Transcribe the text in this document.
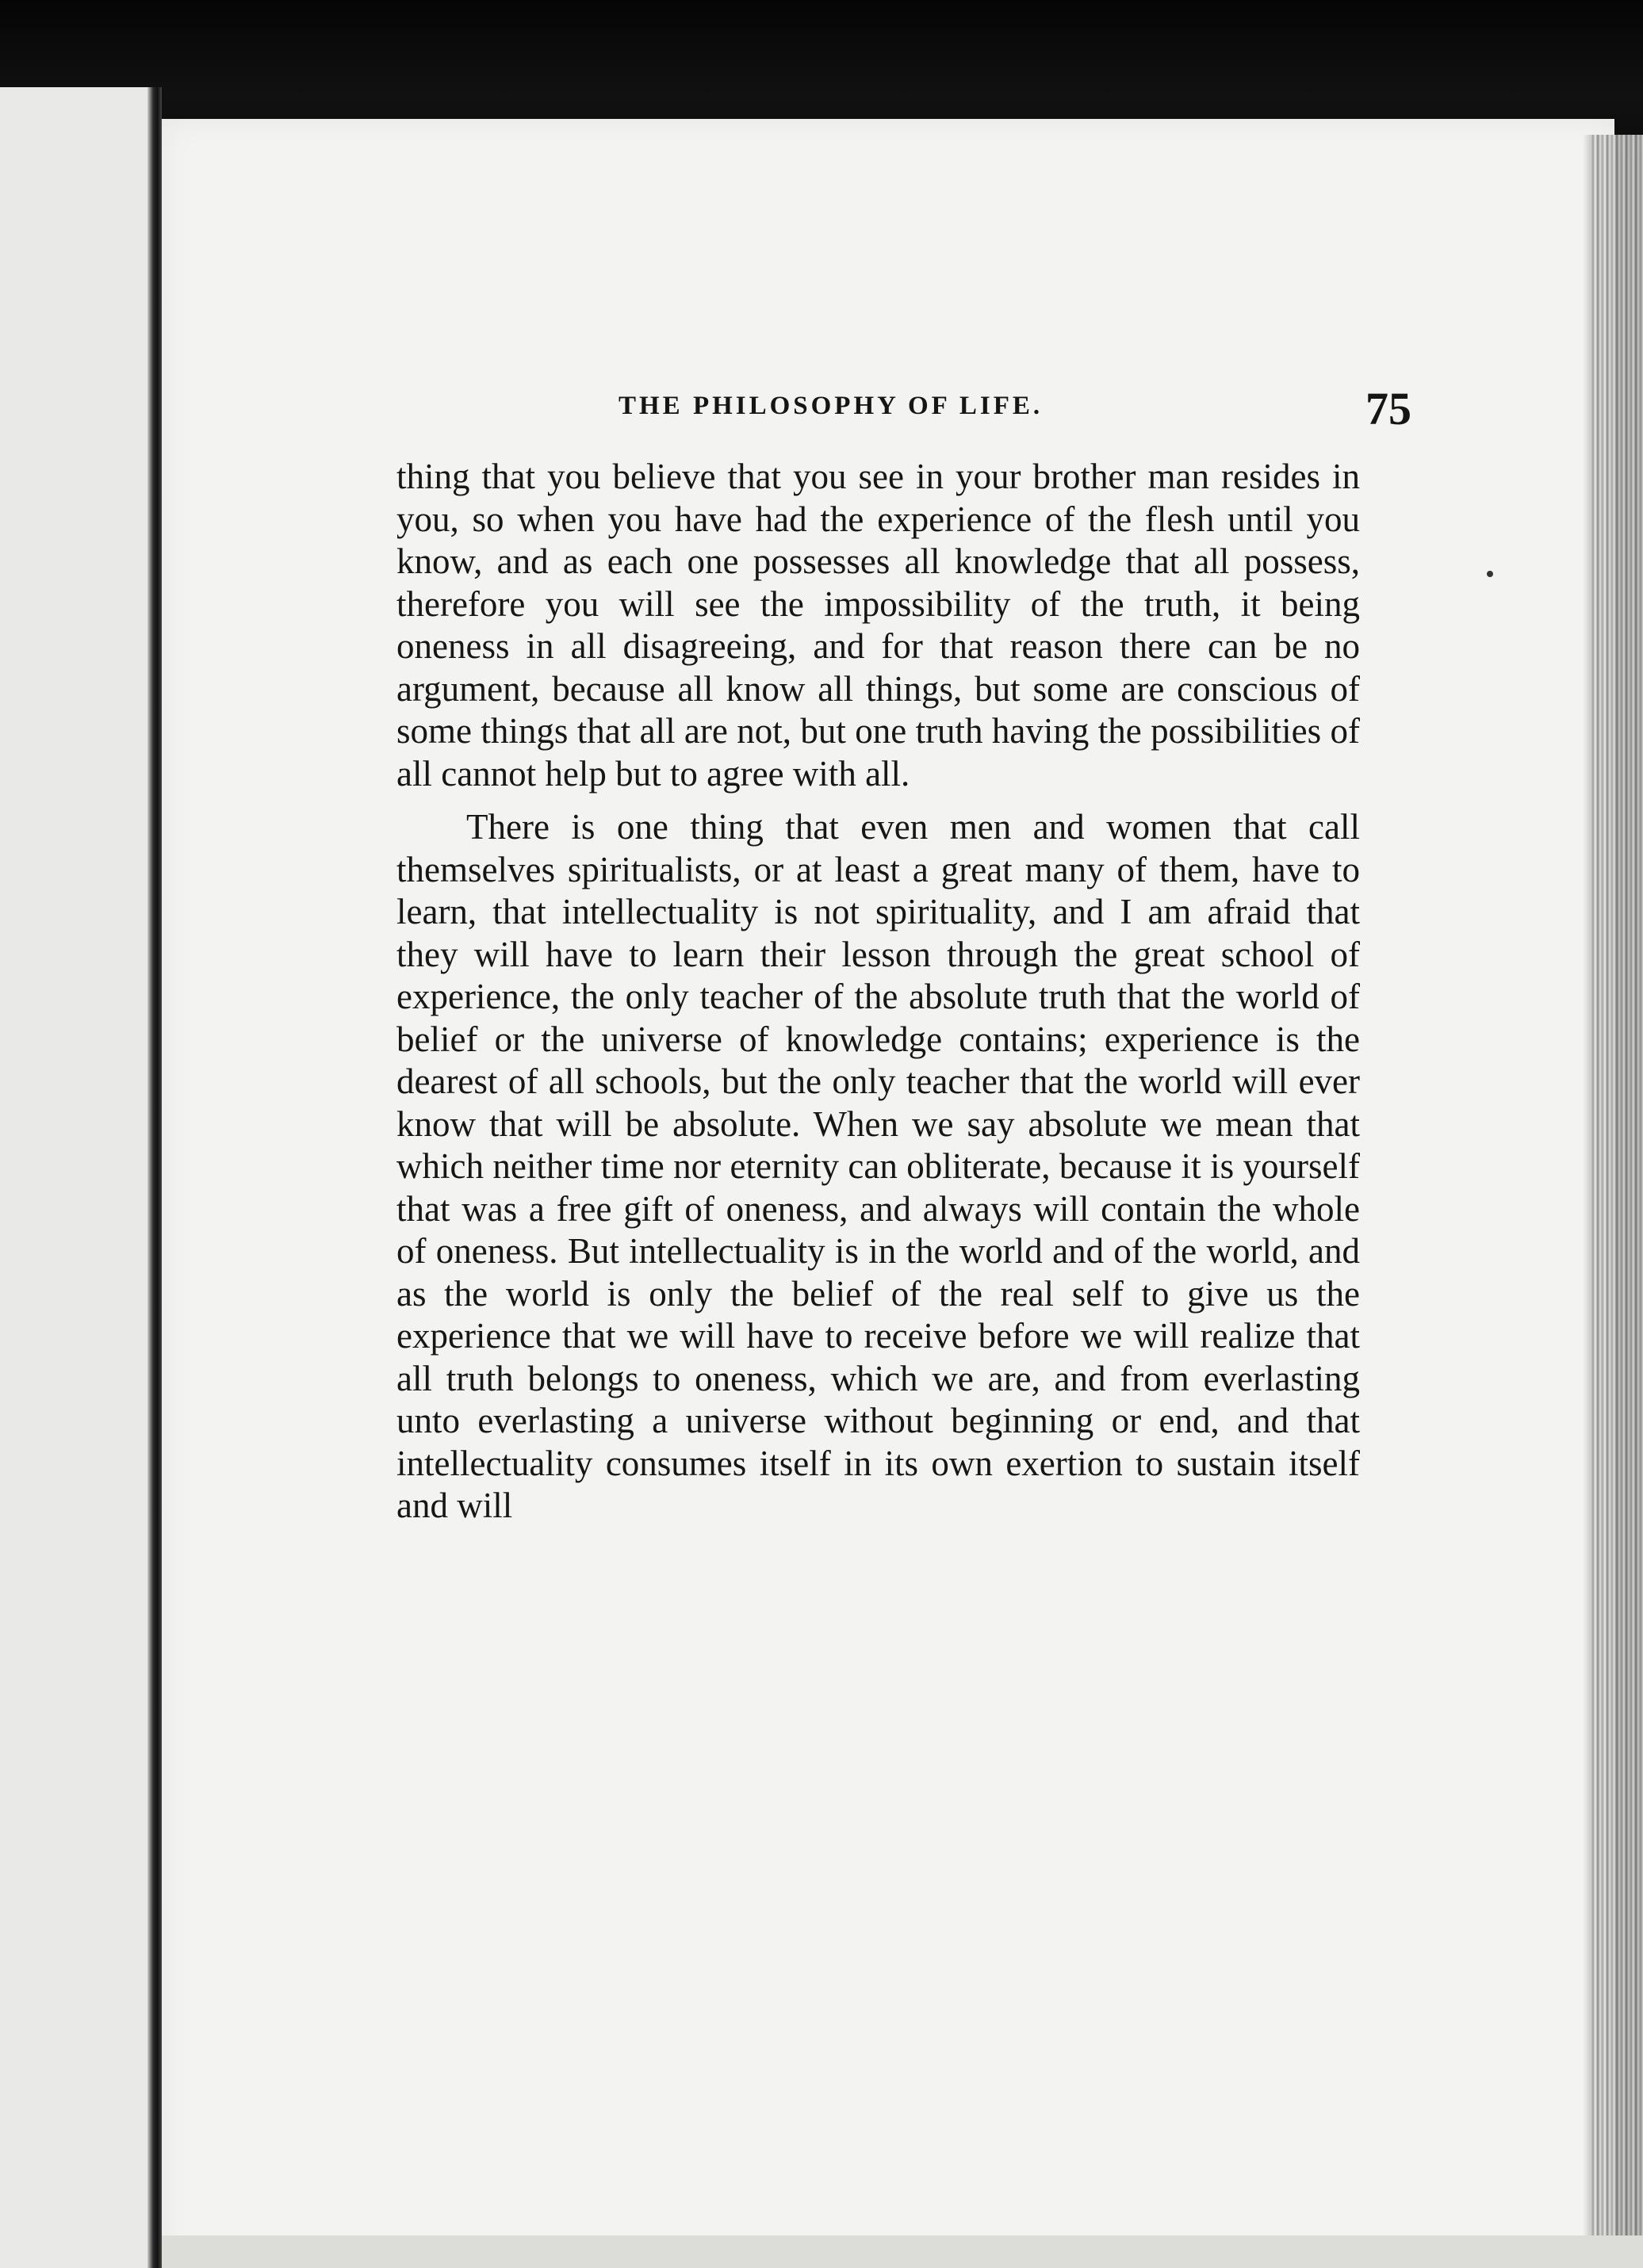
THE PHILOSOPHY OF LIFE.	75

thing that you believe that you see in your brother man resides in you, so when you have had the experience of the flesh until you know, and as each one possesses all knowledge that all possess, therefore you will see the impossibility of the truth, it being oneness in all disagreeing, and for that reason there can be no argument, because all know all things, but some are conscious of some things that all are not, but one truth having the possibilities of all cannot help but to agree with all.

There is one thing that even men and women that call themselves spiritualists, or at least a great many of them, have to learn, that intellectuality is not spirituality, and I am afraid that they will have to learn their lesson through the great school of experience, the only teacher of the absolute truth that the world of belief or the universe of knowledge contains; experience is the dearest of all schools, but the only teacher that the world will ever know that will be absolute. When we say absolute we mean that which neither time nor eternity can obliterate, because it is yourself that was a free gift of oneness, and always will contain the whole of oneness. But intellectuality is in the world and of the world, and as the world is only the belief of the real self to give us the experience that we will have to receive before we will realize that all truth belongs to oneness, which we are, and from everlasting unto everlasting a universe without beginning or end, and that intellectuality consumes itself in its own exertion to sustain itself and will
